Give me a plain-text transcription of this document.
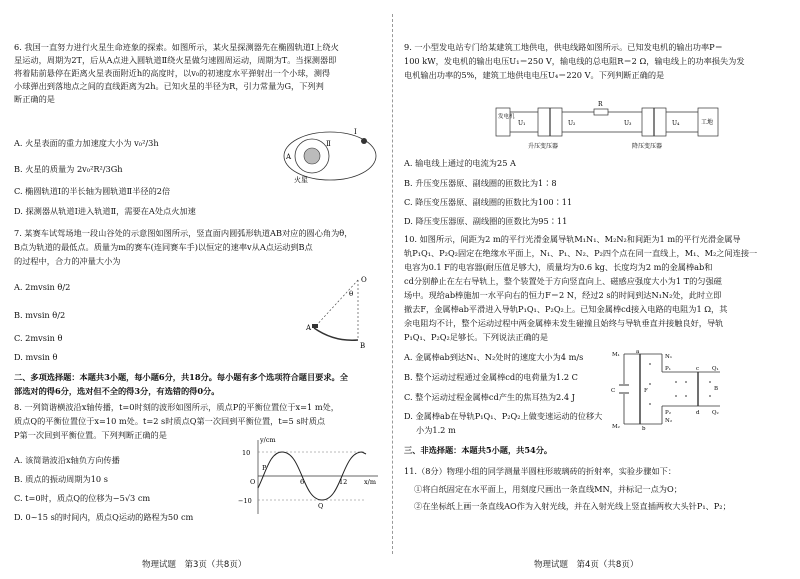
6. 我国一直努力进行火星生命迹象的探索。如图所示，某火星探测器先在椭圆轨道Ⅰ上绕火
星运动，周期为2T，后从A点进入圆轨道Ⅱ绕火星做匀速圆周运动，周期为T。当探测器即
将着陆前悬停在距离火星表面附近h的高度时，以v₀的初速度水平弹射出一个小球，测得
小球弹出到落地点之间的直线距离为2h。已知火星的半径为R，引力常量为G，下列判
断正确的是
A. 火星表面的重力加速度大小为 v₀²/3h
B. 火星的质量为 2v₀²R²/3Gh
C. 椭圆轨道Ⅰ的半长轴为圆轨道Ⅱ半径的2倍
D. 探测器从轨道Ⅰ进入轨道Ⅱ，需要在A处点火加速
Ⅰ
Ⅱ
A
火星
7. 某赛车试驾场地一段山谷处的示意图如图所示，竖直面内圆弧形轨道AB对应的圆心角为θ，
B点为轨道的最低点。质量为m的赛车(连同赛车手)以恒定的速率v从A点运动到B点
的过程中，合力的冲量大小为
A. 2mvsin θ/2
B. mvsin θ/2
C. 2mvsin θ
D. mvsin θ
O
θ
A
B
二、多项选择题：本题共3小题，每小题6分，共18分。每小题有多个选项符合题目要求。全
部选对的得6分，选对但不全的得3分，有选错的得0分。
8. 一列简谐横波沿x轴传播，t=0时刻的波形如图所示，质点P的平衡位置位于x=1 m处，
质点Q的平衡位置位于x=10 m处。t=2 s时质点Q第一次回到平衡位置，t=5 s时质点
P第一次回到平衡位置。下列判断正确的是
A. 该简谐波沿x轴负方向传播
B. 质点的振动周期为10 s
C. t=0时，质点Q的位移为−5√3 cm
D. 0~15 s的时间内，质点Q运动的路程为50 cm
y/cm
10
−10
O
P
6	12	x/m
Q
物理试题　第3页（共8页）
9. 一小型发电站专门给某建筑工地供电，供电线路如图所示。已知发电机的输出功率P＝
100 kW，发电机的输出电压U₁＝250 V，输电线的总电阻R＝2 Ω，输电线上的功率损失为发
电机输出功率的5%，建筑工地供电电压U₄＝220 V。下列判断正确的是
发电机
U₁
R
U₂	U₃	U₄	工地
升压变压器	降压变压器
A. 输电线上通过的电流为25 A
B. 升压变压器原、副线圈的匝数比为1∶8
C. 降压变压器原、副线圈的匝数比为100∶11
D. 降压变压器原、副线圈的匝数比为95∶11
10. 如图所示，间距为2 m的平行光滑金属导轨M₁N₁、M₂N₂和间距为1 m的平行光滑金属导
轨P₁Q₁、P₂Q₂固定在绝缘水平面上，N₁、P₁、N₂、P₂四个点在同一直线上，M₁、M₂之间连接一
电容为0.1 F的电容器(耐压值足够大)，质量均为0.6 kg、长度均为2 m的金属棒ab和
cd分别静止在左右导轨上，整个装置处于方向竖直向上、磁感应强度大小为1 T的匀强磁
场中。现给ab棒施加一水平向右的恒力F＝2 N，经过2 s的时间到达N₁N₂处，此时立即
撤去F，金属棒ab平滑进入导轨P₁Q₁、P₂Q₂上。已知金属棒cd接入电路的电阻为1 Ω，其
余电阻均不计，整个运动过程中两金属棒未发生碰撞且始终与导轨垂直并接触良好，导轨
P₁Q₁、P₂Q₂足够长。下列说法正确的是
A. 金属棒ab到达N₁、N₂处时的速度大小为4 m/s
B. 整个运动过程通过金属棒cd的电荷量为1.2 C
C. 整个运动过程金属棒cd产生的焦耳热为2.4 J
D. 金属棒ab在导轨P₁Q₁、P₂Q₂上做变速运动的位移大
小为1.2 m
M₁
M₂
C
a
b
N₁
N₂
P₁
P₂
F
c
d
Q₁
Q₂
B
三、非选择题：本题共5小题，共54分。
11.（8分）物理小组的同学测量半圆柱形玻璃砖的折射率，实验步骤如下：
①将白纸固定在水平面上，用刻度尺画出一条直线MN，并标记一点为O；
②在坐标纸上画一条直线AO作为入射光线，并在入射光线上竖直插两枚大头针P₁、P₂；
物理试题　第4页（共8页）
